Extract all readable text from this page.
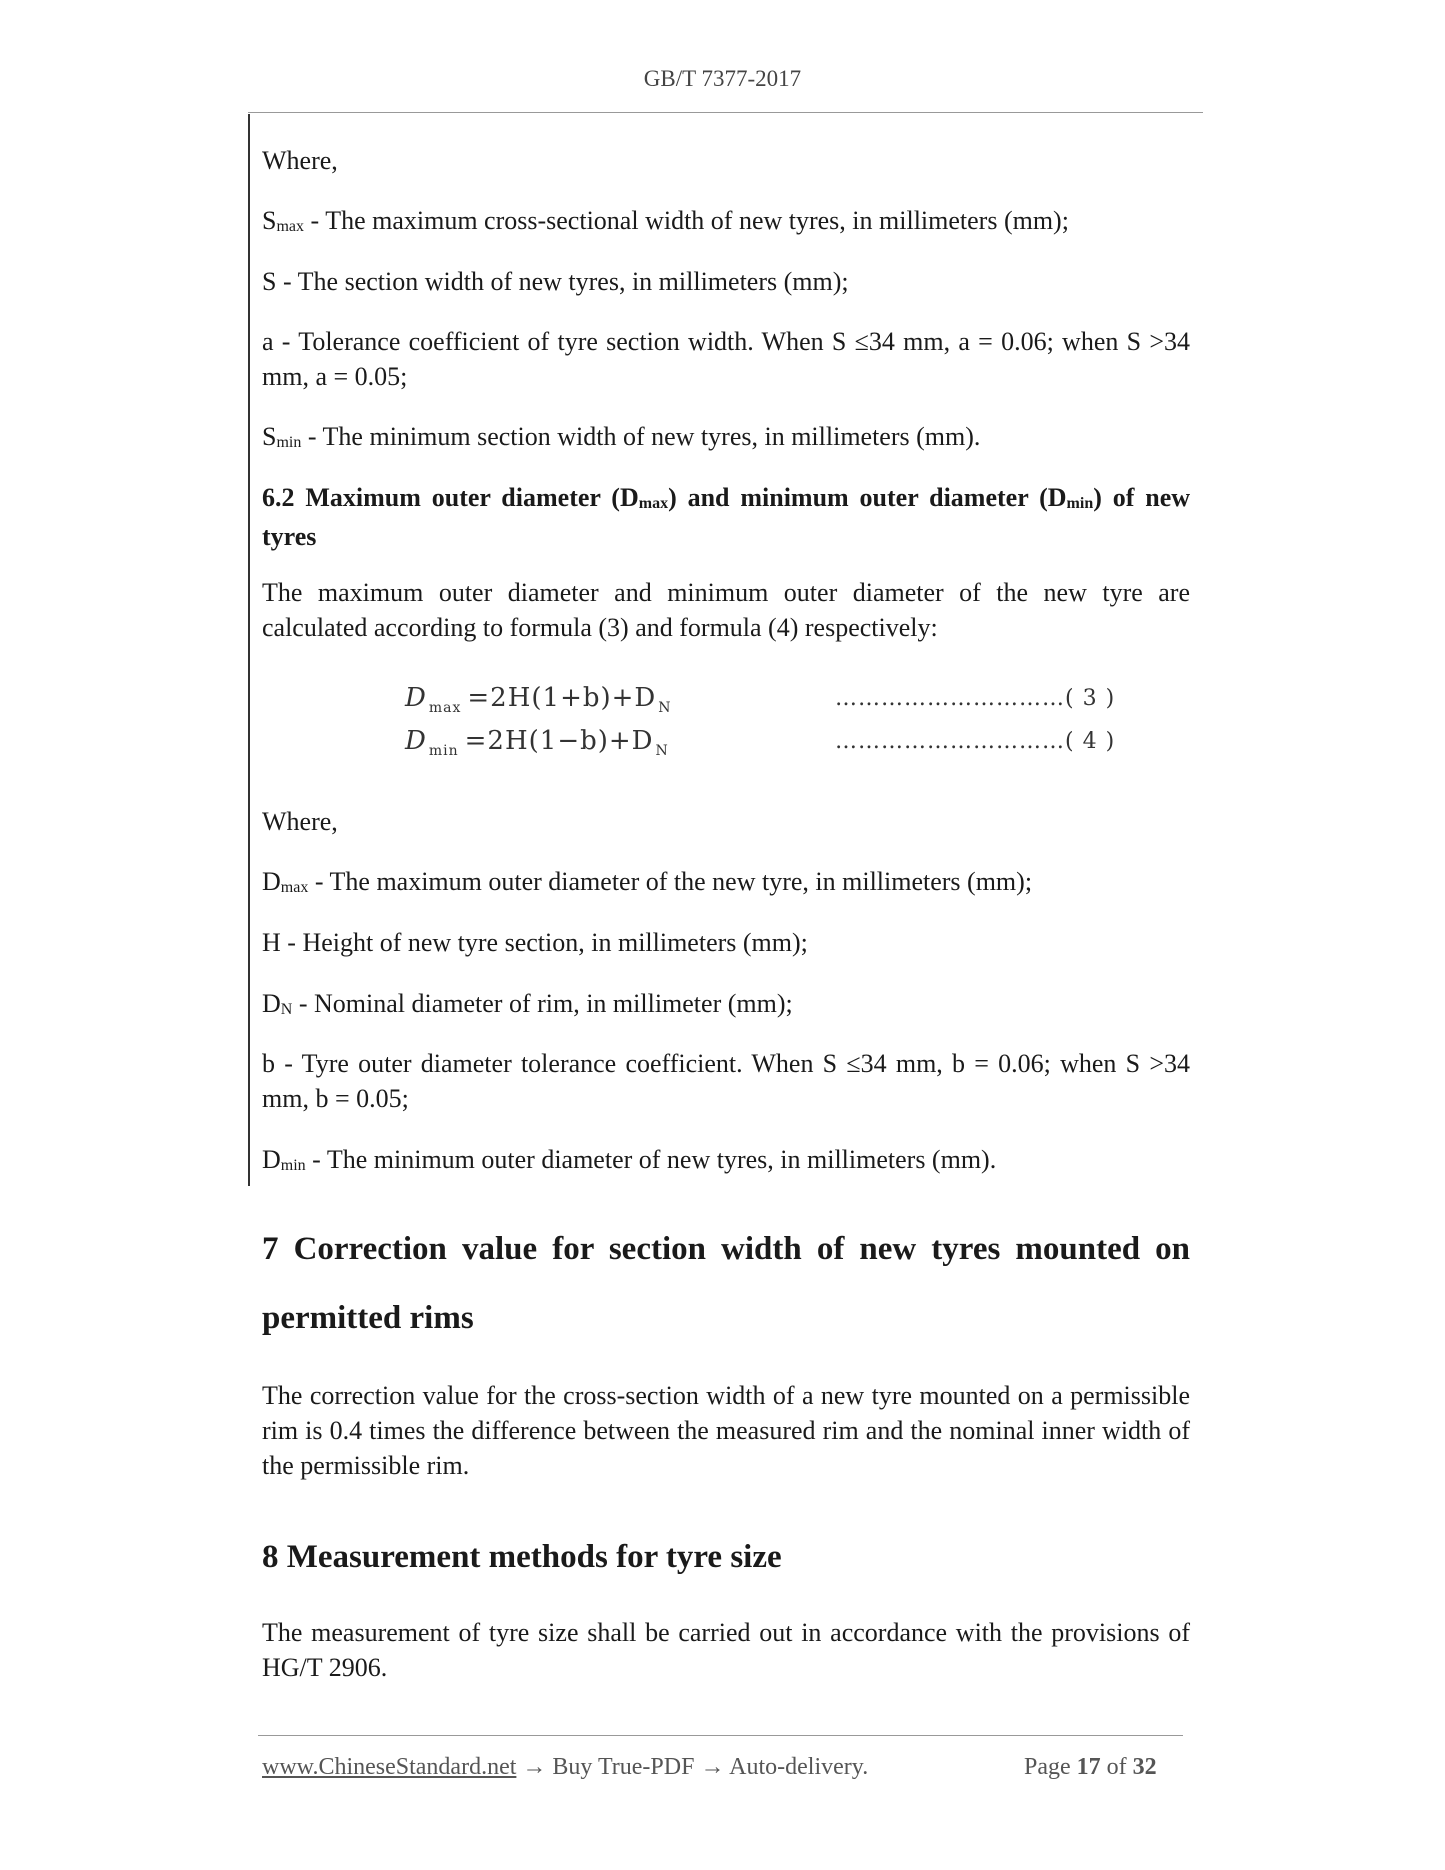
GB/T 7377-2017

Where,

$S_{max}$ - The maximum cross-sectional width of new tyres, in millimeters (mm);

S - The section width of new tyres, in millimeters (mm);

a - Tolerance coefficient of tyre section width. When S ≤34 mm, a = 0.06; when S >34 mm, a = 0.05;

$S_{min}$ - The minimum section width of new tyres, in millimeters (mm).

6.2 Maximum outer diameter $(D_{max})$ and minimum outer diameter $(D_{min})$ of new tyres

The maximum outer diameter and minimum outer diameter of the new tyre are calculated according to formula (3) and formula (4) respectively:

D $_{max}$ =2H(1+b)+D $_N$	…………………………( 3 )
D $_{min}$ =2H(1−b)+D $_N$	…………………………( 4 )

Where,

$D_{max}$ - The maximum outer diameter of the new tyre, in millimeters (mm);

H - Height of new tyre section, in millimeters (mm);

$D_N$ - Nominal diameter of rim, in millimeter (mm);

b - Tyre outer diameter tolerance coefficient. When S ≤34 mm, b = 0.06; when S >34 mm, b = 0.05;

$D_{min}$ - The minimum outer diameter of new tyres, in millimeters (mm).

7 Correction value for section width of new tyres mounted on
permitted rims

The correction value for the cross-section width of a new tyre mounted on a permissible rim is 0.4 times the difference between the measured rim and the nominal inner width of the permissible rim.

8 Measurement methods for tyre size

The measurement of tyre size shall be carried out in accordance with the provisions of HG/T 2906.

www.ChineseStandard.net → Buy True-PDF → Auto-delivery.	Page 17 of 32
